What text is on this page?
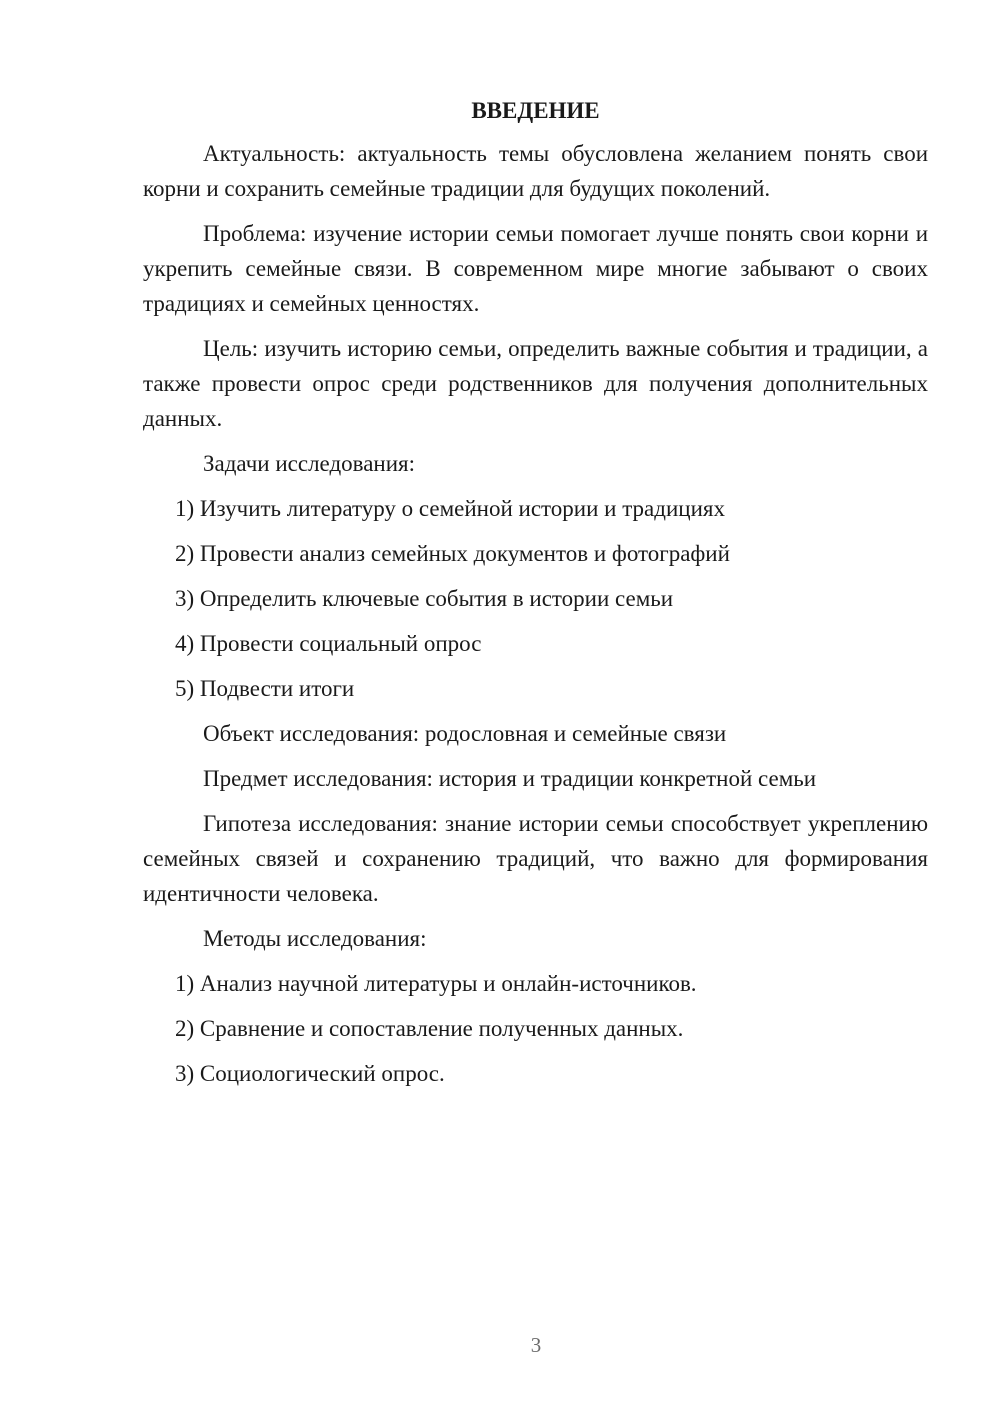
ВВЕДЕНИЕ
Актуальность: актуальность темы обусловлена желанием понять свои корни и сохранить семейные традиции для будущих поколений.
Проблема: изучение истории семьи помогает лучше понять свои корни и укрепить семейные связи. В современном мире многие забывают о своих традициях и семейных ценностях.
Цель: изучить историю семьи, определить важные события и традиции, а также провести опрос среди родственников для получения дополнительных данных.
Задачи исследования:
1) Изучить литературу о семейной истории и традициях
2) Провести анализ семейных документов и фотографий
3) Определить ключевые события в истории семьи
4) Провести социальный опрос
5) Подвести итоги
Объект исследования: родословная и семейные связи
Предмет исследования: история и традиции конкретной семьи
Гипотеза исследования: знание истории семьи способствует укреплению семейных связей и сохранению традиций, что важно для формирования идентичности человека.
Методы исследования:
1) Анализ научной литературы и онлайн-источников.
2) Сравнение и сопоставление полученных данных.
3) Социологический опрос.
3
